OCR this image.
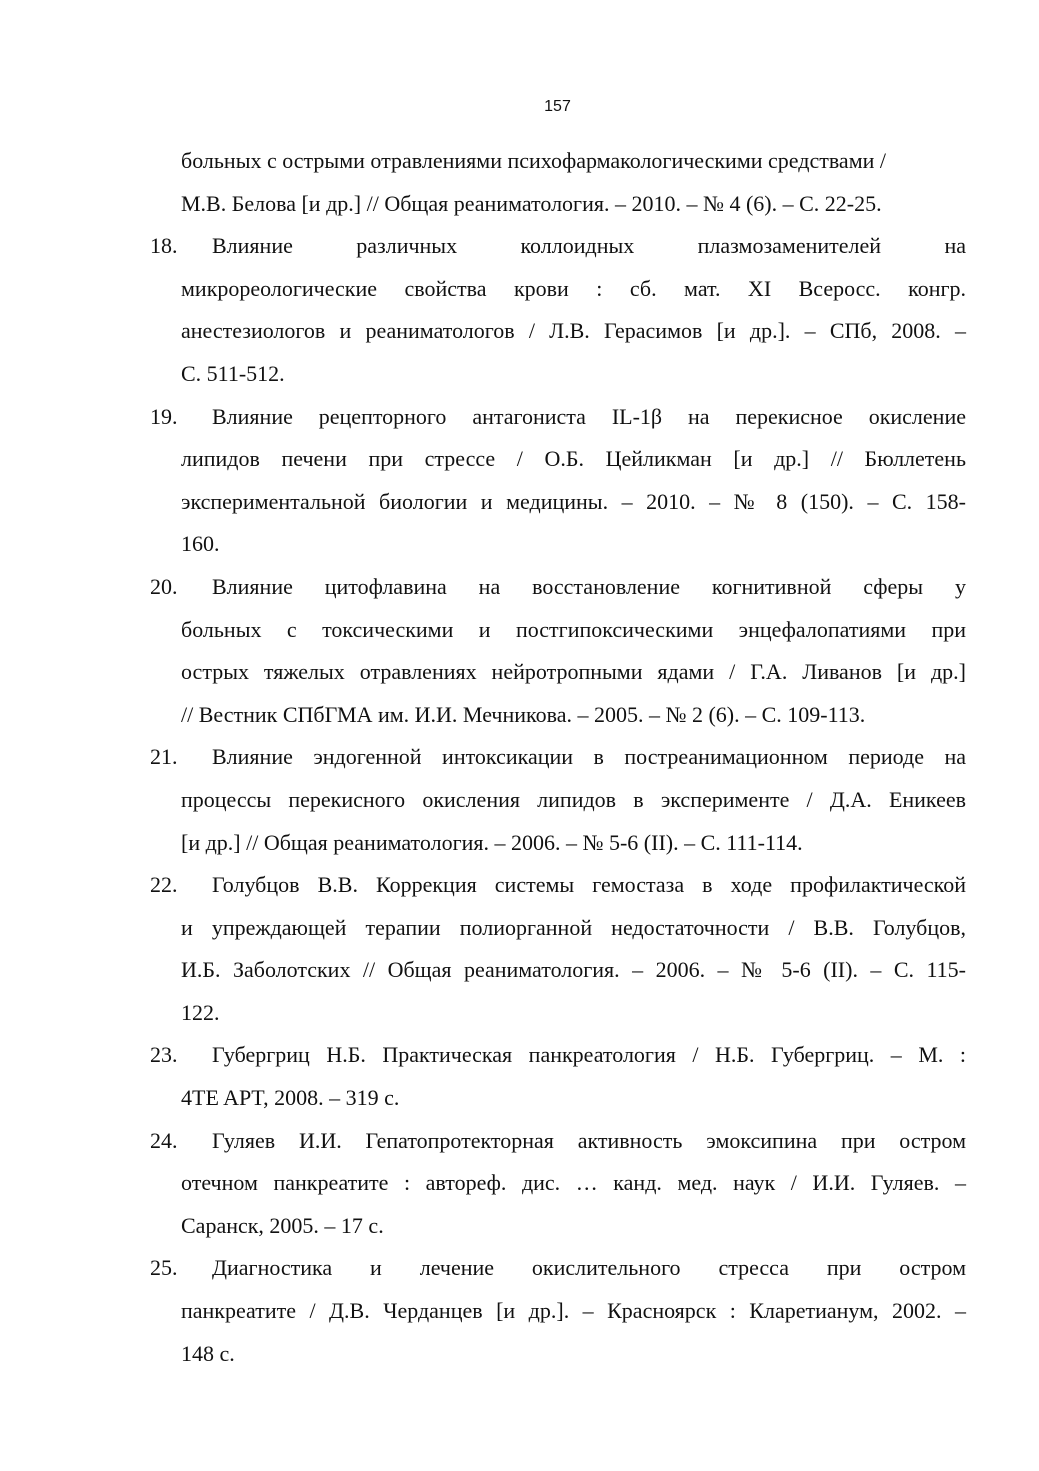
157
больных с острыми отравлениями психофармакологическими средствами /
М.В. Белова [и др.] // Общая реаниматология. – 2010. – № 4 (6). – С. 22-25.
18. Влияние различных коллоидных плазмозаменителей на
микрореологические свойства крови : сб. мат. XI Всеросс. конгр.
анестезиологов и реаниматологов / Л.В. Герасимов [и др.]. – СПб, 2008. –
С. 511-512.
19. Влияние рецепторного антагониста IL-1β на перекисное окисление
липидов печени при стрессе / О.Б. Цейликман [и др.] // Бюллетень
экспериментальной биологии и медицины. – 2010. – № 8 (150). – С. 158-
160.
20. Влияние цитофлавина на восстановление когнитивной сферы у
больных с токсическими и постгипоксическими энцефалопатиями при
острых тяжелых отравлениях нейротропными ядами / Г.А. Ливанов [и др.]
// Вестник СПбГМА им. И.И. Мечникова. – 2005. – № 2 (6). – С. 109-113.
21. Влияние эндогенной интоксикации в постреанимационном периоде на
процессы перекисного окисления липидов в эксперименте / Д.А. Еникеев
[и др.] // Общая реаниматология. – 2006. – № 5-6 (II). – С. 111-114.
22. Голубцов В.В. Коррекция системы гемостаза в ходе профилактической
и упреждающей терапии полиорганной недостаточности / В.В. Голубцов,
И.Б. Заболотских // Общая реаниматология. – 2006. – № 5-6 (II). – С. 115-
122.
23. Губергриц Н.Б. Практическая панкреатология / Н.Б. Губергриц. – М. :
4TE APT, 2008. – 319 с.
24. Гуляев И.И. Гепатопротекторная активность эмоксипина при остром
отечном панкреатите : автореф. дис. … канд. мед. наук / И.И. Гуляев. –
Саранск, 2005. – 17 с.
25. Диагностика и лечение окислительного стресса при остром
панкреатите / Д.В. Черданцев [и др.]. – Красноярск : Кларетианум, 2002. –
148 с.
